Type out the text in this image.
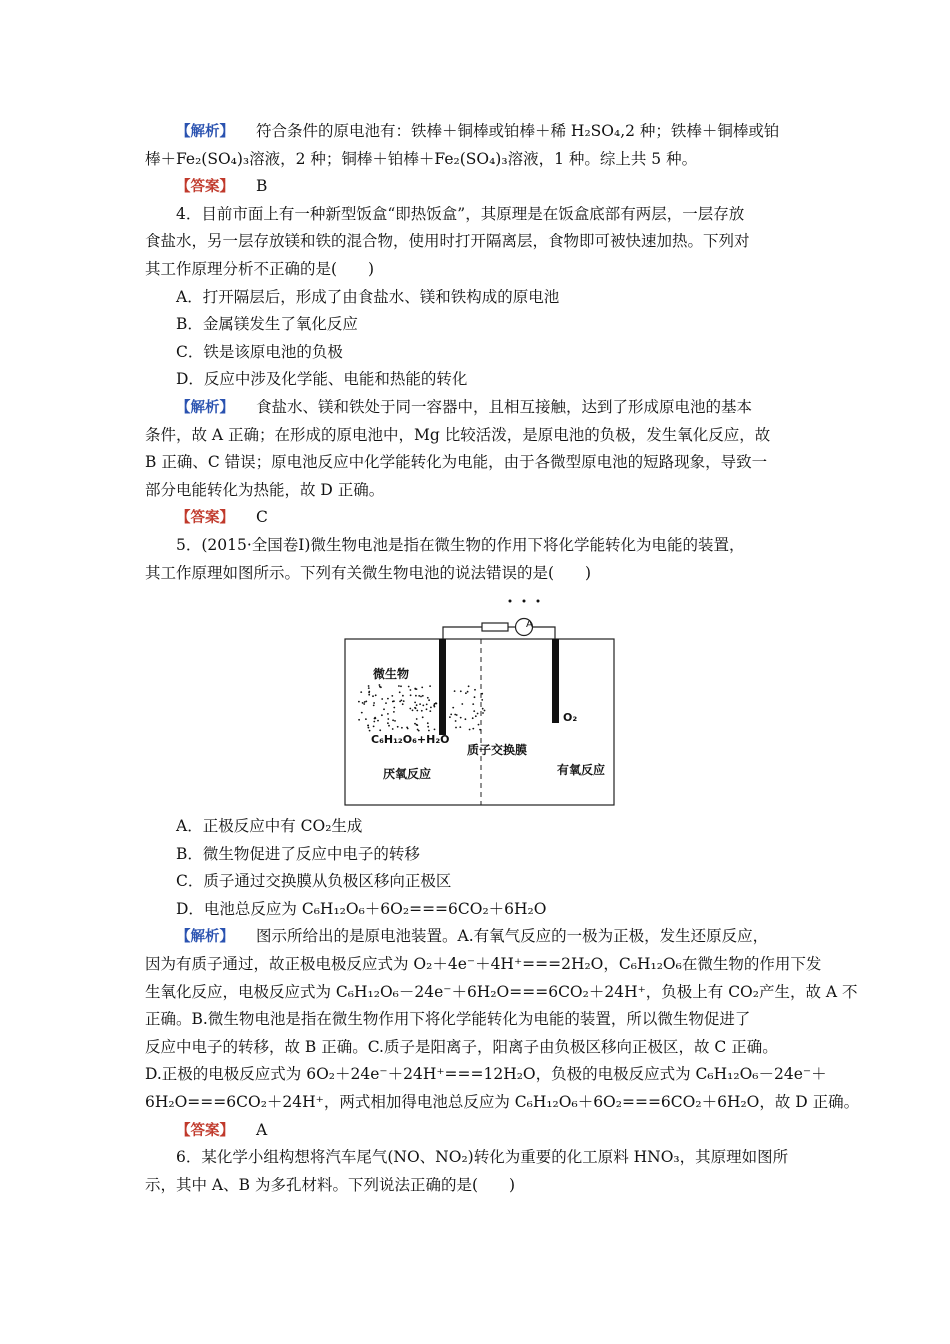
【解析】 符合条件的原电池有：铁棒＋铜棒或铂棒＋稀 H₂SO₄,2 种；铁棒＋铜棒或铂
棒＋Fe₂(SO₄)₃溶液，2 种；铜棒＋铂棒＋Fe₂(SO₄)₃溶液，1 种。综上共 5 种。
【答案】 B
4．目前市面上有一种新型饭盒“即热饭盒”，其原理是在饭盒底部有两层，一层存放
食盐水，另一层存放镁和铁的混合物，使用时打开隔离层，食物即可被快速加热。下列对
其工作原理分析不正确的是(　　)
A．打开隔层后，形成了由食盐水、镁和铁构成的原电池
B．金属镁发生了氧化反应
C．铁是该原电池的负极
D．反应中涉及化学能、电能和热能的转化
【解析】 食盐水、镁和铁处于同一容器中，且相互接触，达到了形成原电池的基本
条件，故 A 正确；在形成的原电池中，Mg 比较活泼，是原电池的负极，发生氧化反应，故
B 正确、C 错误；原电池反应中化学能转化为电能，由于各微型原电池的短路现象，导致一
部分电能转化为热能，故 D 正确。
【答案】 C
5．(2015·全国卷Ⅰ)微生物电池是指在微生物的作用下将化学能转化为电能的装置，
其工作原理如图所示。下列有关微生物电池的说法错误的是(　　)
A
微生物
O₂
C₆H₁₂O₆+H₂O
质子交换膜
厌氧反应	有氧反应
A．正极反应中有 CO₂生成
B．微生物促进了反应中电子的转移
C．质子通过交换膜从负极区移向正极区
D．电池总反应为 C₆H₁₂O₆＋6O₂===6CO₂＋6H₂O
【解析】 图示所给出的是原电池装置。A.有氧气反应的一极为正极，发生还原反应，
因为有质子通过，故正极电极反应式为 O₂＋4e⁻＋4H⁺===2H₂O，C₆H₁₂O₆在微生物的作用下发
生氧化反应，电极反应式为 C₆H₁₂O₆－24e⁻＋6H₂O===6CO₂＋24H⁺，负极上有 CO₂产生，故 A 不
正确。B.微生物电池是指在微生物作用下将化学能转化为电能的装置，所以微生物促进了
反应中电子的转移，故 B 正确。C.质子是阳离子，阳离子由负极区移向正极区，故 C 正确。
D.正极的电极反应式为 6O₂＋24e⁻＋24H⁺===12H₂O，负极的电极反应式为 C₆H₁₂O₆－24e⁻＋
6H₂O===6CO₂＋24H⁺，两式相加得电池总反应为 C₆H₁₂O₆＋6O₂===6CO₂＋6H₂O，故 D 正确。
【答案】 A
6．某化学小组构想将汽车尾气(NO、NO₂)转化为重要的化工原料 HNO₃，其原理如图所
示，其中 A、B 为多孔材料。下列说法正确的是(　　)
